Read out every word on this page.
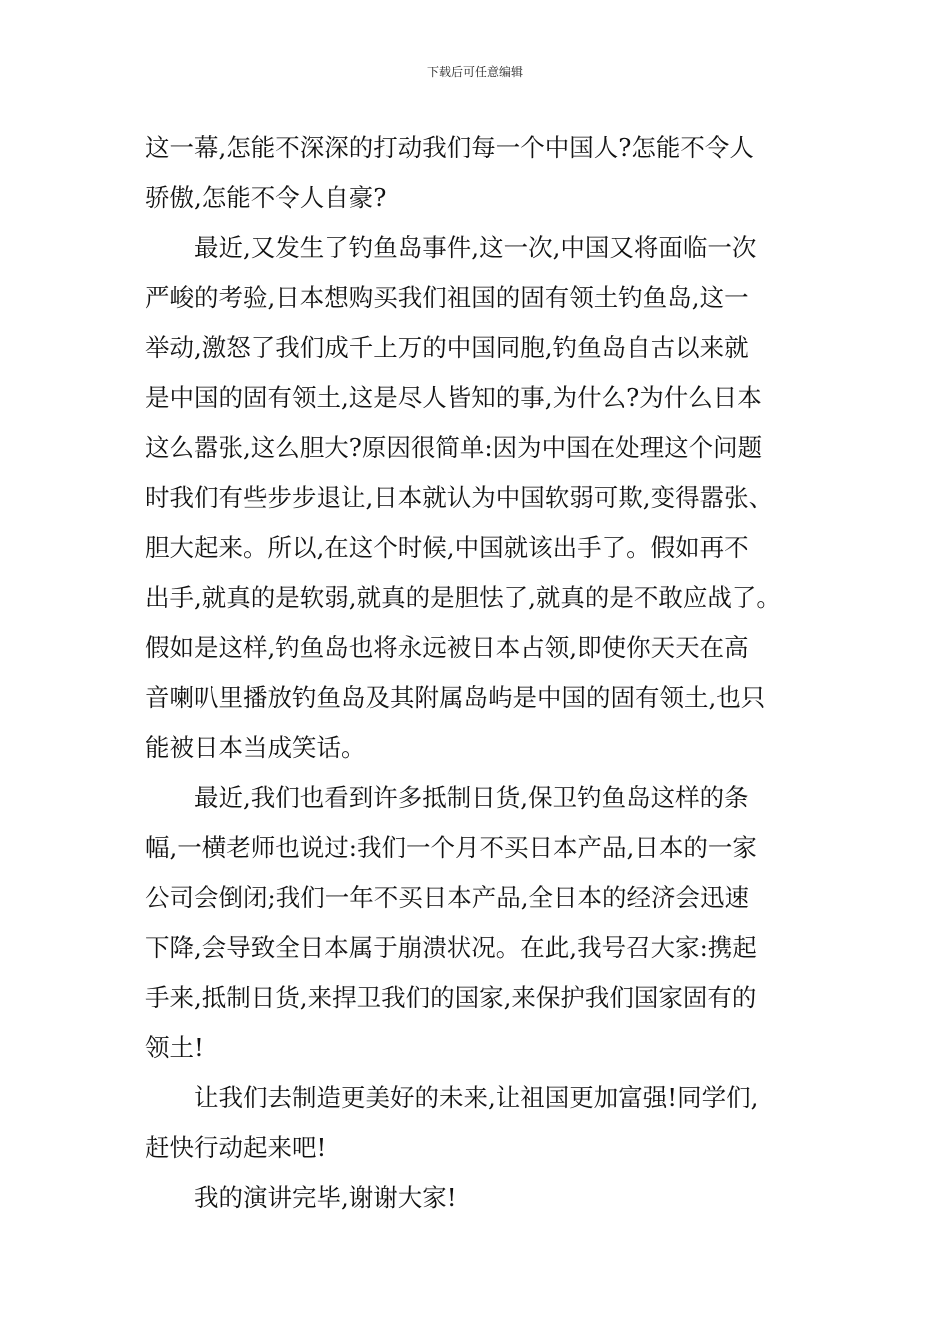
下载后可任意编辑
这一幕,怎能不深深的打动我们每一个中国人?怎能不令人
骄傲,怎能不令人自豪?
最近,又发生了钓鱼岛事件,这一次,中国又将面临一次
严峻的考验,日本想购买我们祖国的固有领土钓鱼岛,这一
举动,激怒了我们成千上万的中国同胞,钓鱼岛自古以来就
是中国的固有领土,这是尽人皆知的事,为什么?为什么日本
这么嚣张,这么胆大?原因很简单:因为中国在处理这个问题
时我们有些步步退让,日本就认为中国软弱可欺,变得嚣张、
胆大起来。所以,在这个时候,中国就该出手了。假如再不
出手,就真的是软弱,就真的是胆怯了,就真的是不敢应战了。
假如是这样,钓鱼岛也将永远被日本占领,即使你天天在高
音喇叭里播放钓鱼岛及其附属岛屿是中国的固有领土,也只
能被日本当成笑话。
最近,我们也看到许多抵制日货,保卫钓鱼岛这样的条
幅,一横老师也说过:我们一个月不买日本产品,日本的一家
公司会倒闭;我们一年不买日本产品,全日本的经济会迅速
下降,会导致全日本属于崩溃状况。在此,我号召大家:携起
手来,抵制日货,来捍卫我们的国家,来保护我们国家固有的
领土!
让我们去制造更美好的未来,让祖国更加富强!同学们,
赶快行动起来吧!
我的演讲完毕,谢谢大家!
